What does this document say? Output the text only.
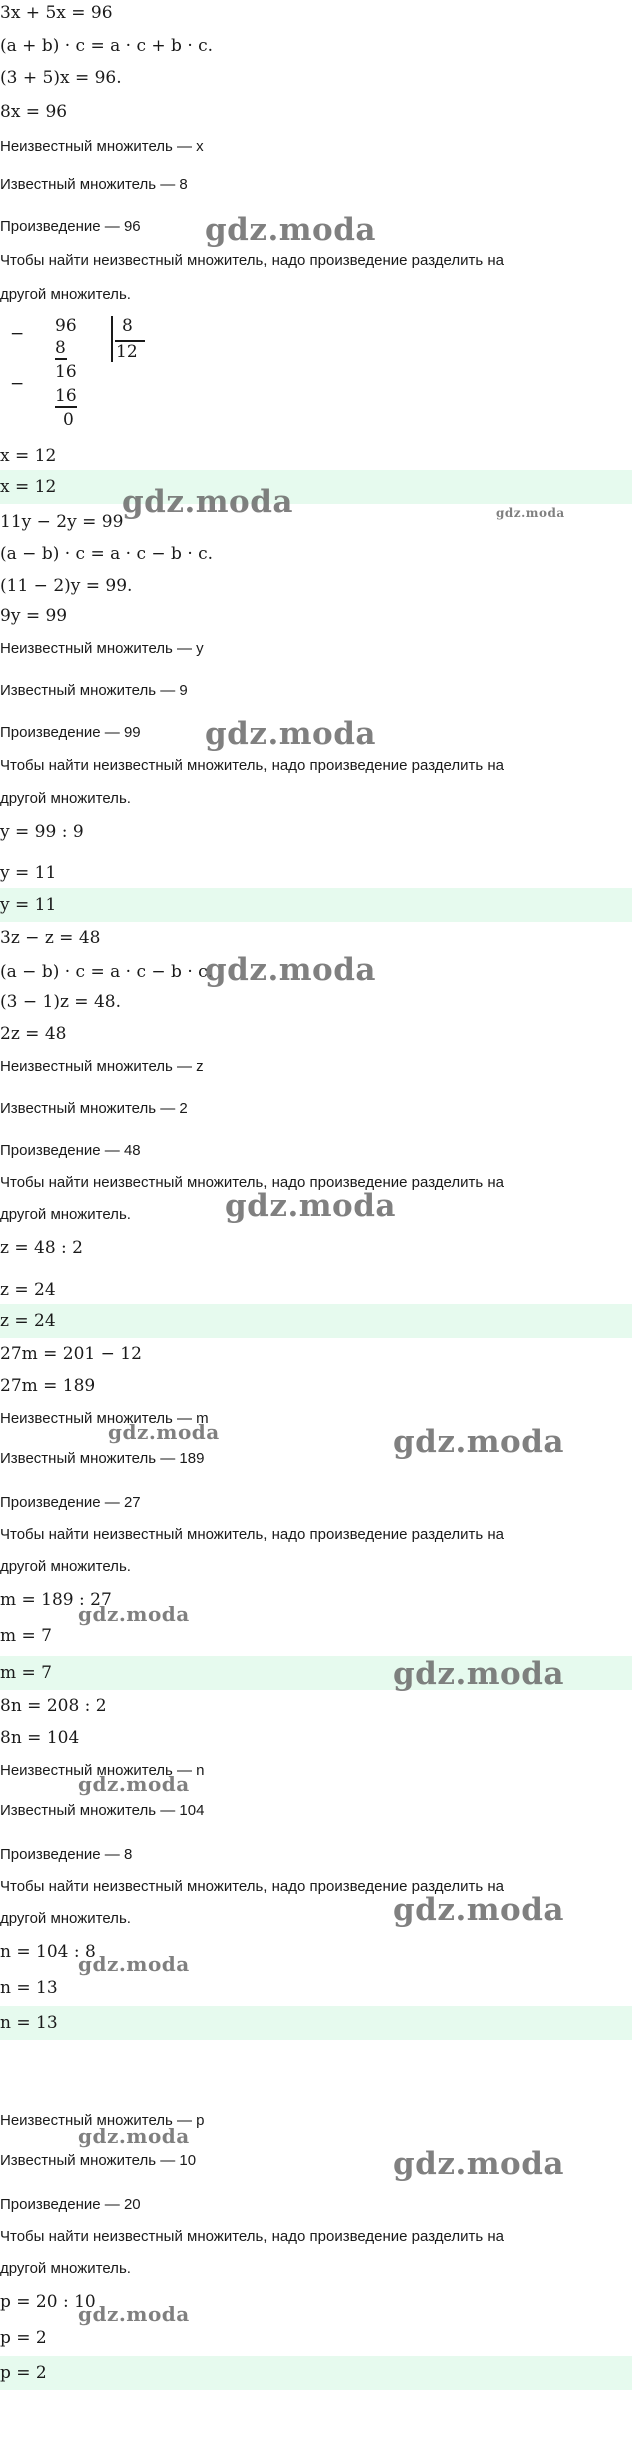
3x + 5x = 96
(a + b) · c = a · c + b · c.
(3 + 5)x = 96.
8x = 96
Неизвестный множитель — x
Известный множитель — 8
Произведение — 96
Чтобы найти неизвестный множитель, надо произведение разделить на
другой множитель.
− 96	8
12
8
−
16
16
0
x = 12
x = 12
11y − 2y = 99
(a − b) · c = a · c − b · c.
(11 − 2)y = 99.
9y = 99
Неизвестный множитель — y
Известный множитель — 9
Произведение — 99
Чтобы найти неизвестный множитель, надо произведение разделить на
другой множитель.
y = 99 : 9
y = 11
y = 11
3z − z = 48
(a − b) · c = a · c − b · c.
(3 − 1)z = 48.
2z = 48
Неизвестный множитель — z
Известный множитель — 2
Произведение — 48
Чтобы найти неизвестный множитель, надо произведение разделить на
другой множитель.
z = 48 : 2
z = 24
z = 24
27m = 201 − 12
27m = 189
Неизвестный множитель — m
Известный множитель — 189
Произведение — 27
Чтобы найти неизвестный множитель, надо произведение разделить на
другой множитель.
m = 189 : 27
m = 7
m = 7
8n = 208 : 2
8n = 104
Неизвестный множитель — n
Известный множитель — 104
Произведение — 8
Чтобы найти неизвестный множитель, надо произведение разделить на
другой множитель.
n = 104 : 8
n = 13
n = 13
Неизвестный множитель — p
Известный множитель — 10
Произведение — 20
Чтобы найти неизвестный множитель, надо произведение разделить на
другой множитель.
p = 20 : 10
p = 2
p = 2
gdz.moda
gdz.moda	gdz.moda
gdz.moda
gdz.moda
gdz.moda
gdz.moda	gdz.moda
gdz.moda
gdz.moda
gdz.moda
gdz.moda
gdz.moda
gdz.moda
gdz.moda
gdz.moda
